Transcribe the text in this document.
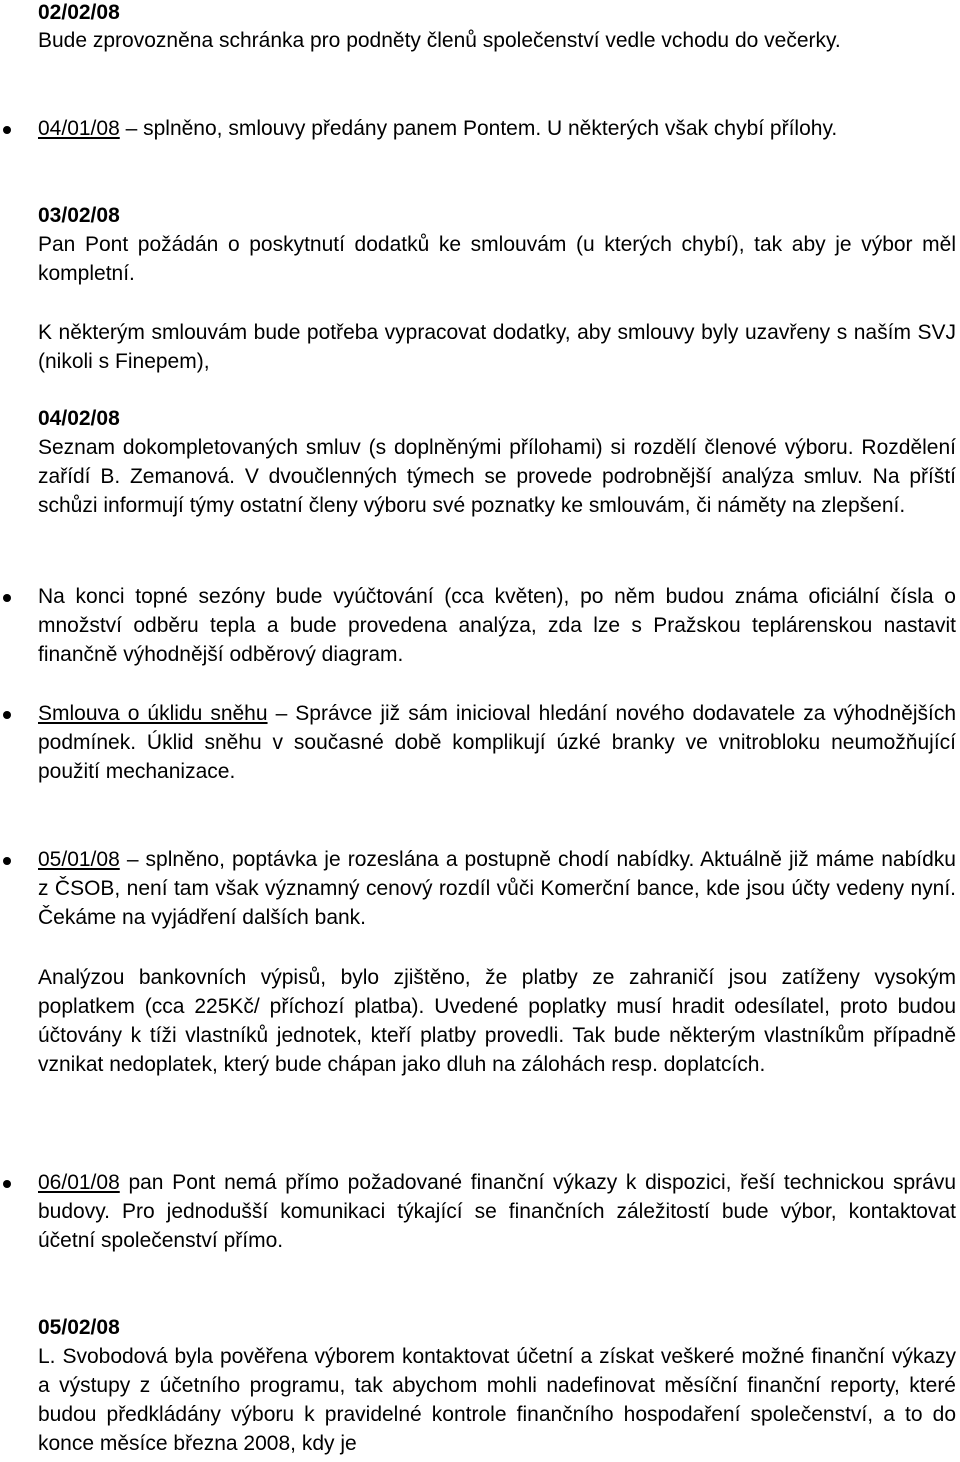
02/02/08

Bude zprovozněna schránka pro podněty členů společenství vedle vchodu do večerky.

04/01/08 – splněno, smlouvy předány panem Pontem. U některých však chybí přílohy.

03/02/08

Pan Pont požádán o poskytnutí dodatků ke smlouvám (u kterých chybí), tak aby je výbor měl kompletní.

K některým smlouvám bude potřeba vypracovat dodatky, aby smlouvy byly uzavřeny s naším SVJ (nikoli s Finepem),

04/02/08

Seznam dokompletovaných smluv (s doplněnými přílohami) si rozdělí členové výboru. Rozdělení zařídí B. Zemanová. V dvoučlenných týmech se provede podrobnější analýza smluv. Na příští schůzi informují týmy ostatní členy výboru své poznatky ke smlouvám, či náměty na zlepšení.

Na konci topné sezóny bude vyúčtování (cca květen), po něm budou známa oficiální čísla o množství odběru tepla a bude provedena analýza, zda lze s Pražskou teplárenskou nastavit finančně výhodnější odběrový diagram.

Smlouva o úklidu sněhu – Správce již sám inicioval hledání nového dodavatele za výhodnějších podmínek. Úklid sněhu v současné době komplikují úzké branky ve vnitrobloku neumožňující použití mechanizace.

05/01/08 – splněno, poptávka je rozeslána a postupně chodí nabídky. Aktuálně již máme nabídku z ČSOB, není tam však významný cenový rozdíl vůči Komerční bance, kde jsou účty vedeny nyní. Čekáme na vyjádření dalších bank.

Analýzou bankovních výpisů, bylo zjištěno, že platby ze zahraničí jsou zatíženy vysokým poplatkem (cca 225Kč/ příchozí platba). Uvedené poplatky musí hradit odesílatel, proto budou účtovány k tíži vlastníků jednotek, kteří platby provedli. Tak bude některým vlastníkům případně vznikat nedoplatek, který bude chápan jako dluh na zálohách resp. doplatcích.

06/01/08 pan Pont nemá přímo požadované finanční výkazy k dispozici, řeší technickou správu budovy. Pro jednodušší komunikaci týkající se finančních záležitostí bude výbor, kontaktovat účetní společenství přímo.

05/02/08

L. Svobodová byla pověřena výborem kontaktovat účetní a získat veškeré možné finanční výkazy a výstupy z účetního programu, tak abychom mohli nadefinovat měsíční finanční reporty, které budou předkládány výboru k pravidelné kontrole finančního hospodaření společenství, a to do konce měsíce března 2008, kdy je
